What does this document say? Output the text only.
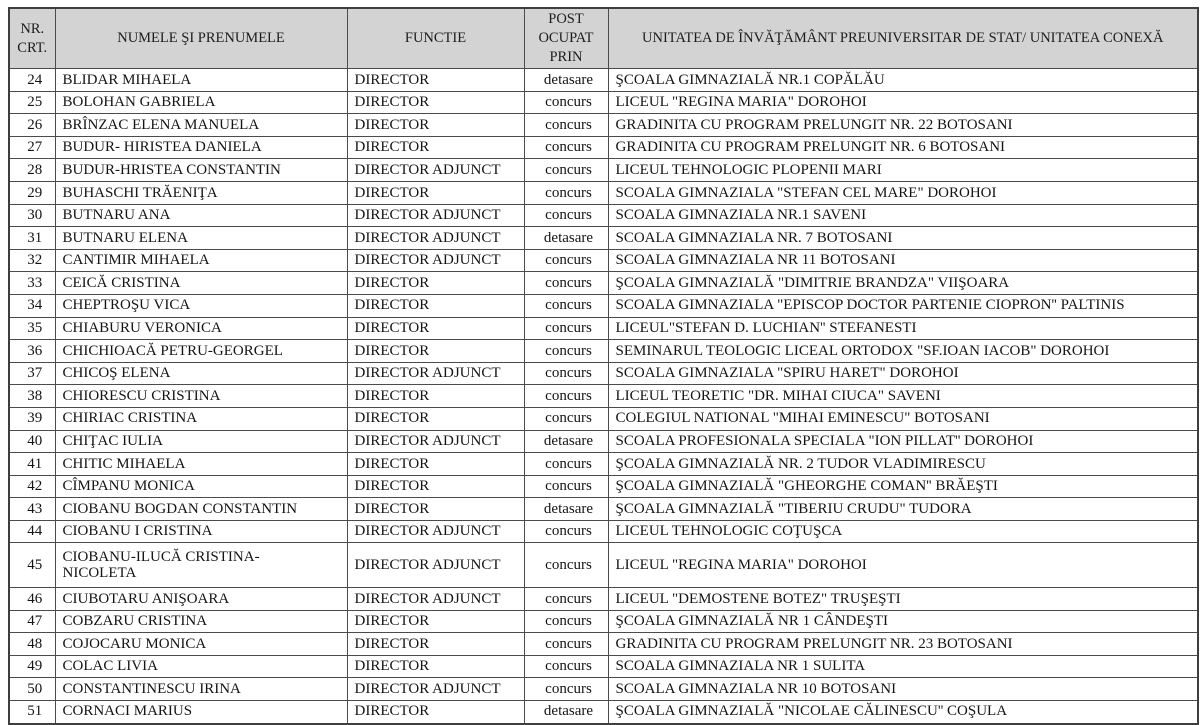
NR. CRT.	NUMELE ŞI PRENUMELE	FUNCTIE	POST OCUPAT PRIN	UNITATEA DE ÎNVĂŢĂMÂNT PREUNIVERSITAR DE STAT/ UNITATEA CONEXĂ
24	BLIDAR MIHAELA	DIRECTOR	detasare	ŞCOALA GIMNAZIALĂ NR.1 COPĂLĂU
25	BOLOHAN GABRIELA	DIRECTOR	concurs	LICEUL "REGINA MARIA" DOROHOI
26	BRÎNZAC ELENA MANUELA	DIRECTOR	concurs	GRADINITA CU PROGRAM PRELUNGIT NR. 22 BOTOSANI
27	BUDUR- HIRISTEA DANIELA	DIRECTOR	concurs	GRADINITA CU PROGRAM PRELUNGIT NR. 6 BOTOSANI
28	BUDUR-HRISTEA CONSTANTIN	DIRECTOR ADJUNCT	concurs	LICEUL TEHNOLOGIC PLOPENII MARI
29	BUHASCHI TRĂENIŢA	DIRECTOR	concurs	SCOALA GIMNAZIALA "STEFAN CEL MARE" DOROHOI
30	BUTNARU ANA	DIRECTOR ADJUNCT	concurs	SCOALA GIMNAZIALA NR.1 SAVENI
31	BUTNARU ELENA	DIRECTOR ADJUNCT	detasare	SCOALA GIMNAZIALA NR. 7 BOTOSANI
32	CANTIMIR MIHAELA	DIRECTOR ADJUNCT	concurs	SCOALA GIMNAZIALA NR 11 BOTOSANI
33	CEICĂ CRISTINA	DIRECTOR	concurs	ŞCOALA GIMNAZIALĂ "DIMITRIE BRANDZA" VIIŞOARA
34	CHEPTROŞU VICA	DIRECTOR	concurs	SCOALA GIMNAZIALA "EPISCOP DOCTOR PARTENIE CIOPRON'' PALTINIS
35	CHIABURU VERONICA	DIRECTOR	concurs	LICEUL"STEFAN D. LUCHIAN'' STEFANESTI
36	CHICHIOACĂ PETRU-GEORGEL	DIRECTOR	concurs	SEMINARUL TEOLOGIC LICEAL ORTODOX "SF.IOAN IACOB" DOROHOI
37	CHICOŞ ELENA	DIRECTOR ADJUNCT	concurs	SCOALA GIMNAZIALA "SPIRU HARET" DOROHOI
38	CHIORESCU CRISTINA	DIRECTOR	concurs	LICEUL TEORETIC "DR. MIHAI CIUCA" SAVENI
39	CHIRIAC CRISTINA	DIRECTOR	concurs	COLEGIUL NATIONAL "MIHAI EMINESCU" BOTOSANI
40	CHIŢAC IULIA	DIRECTOR ADJUNCT	detasare	SCOALA PROFESIONALA SPECIALA "ION PILLAT'' DOROHOI
41	CHITIC MIHAELA	DIRECTOR	concurs	ŞCOALA GIMNAZIALĂ NR. 2 TUDOR VLADIMIRESCU
42	CÎMPANU MONICA	DIRECTOR	concurs	ŞCOALA GIMNAZIALĂ "GHEORGHE COMAN'' BRĂEŞTI
43	CIOBANU BOGDAN CONSTANTIN	DIRECTOR	detasare	ŞCOALA GIMNAZIALĂ "TIBERIU CRUDU" TUDORA
44	CIOBANU I CRISTINA	DIRECTOR ADJUNCT	concurs	LICEUL TEHNOLOGIC COŢUŞCA
45	CIOBANU-ILUCĂ CRISTINA-NICOLETA	DIRECTOR ADJUNCT	concurs	LICEUL "REGINA MARIA" DOROHOI
46	CIUBOTARU ANIŞOARA	DIRECTOR ADJUNCT	concurs	LICEUL "DEMOSTENE BOTEZ" TRUŞEŞTI
47	COBZARU CRISTINA	DIRECTOR	concurs	ŞCOALA GIMNAZIALĂ NR 1 CÂNDEŞTI
48	COJOCARU MONICA	DIRECTOR	concurs	GRADINITA CU PROGRAM PRELUNGIT NR. 23 BOTOSANI
49	COLAC LIVIA	DIRECTOR	concurs	SCOALA GIMNAZIALA NR 1 SULITA
50	CONSTANTINESCU IRINA	DIRECTOR ADJUNCT	concurs	SCOALA GIMNAZIALA NR 10 BOTOSANI
51	CORNACI MARIUS	DIRECTOR	detasare	ŞCOALA GIMNAZIALĂ "NICOLAE CĂLINESCU'' COŞULA
